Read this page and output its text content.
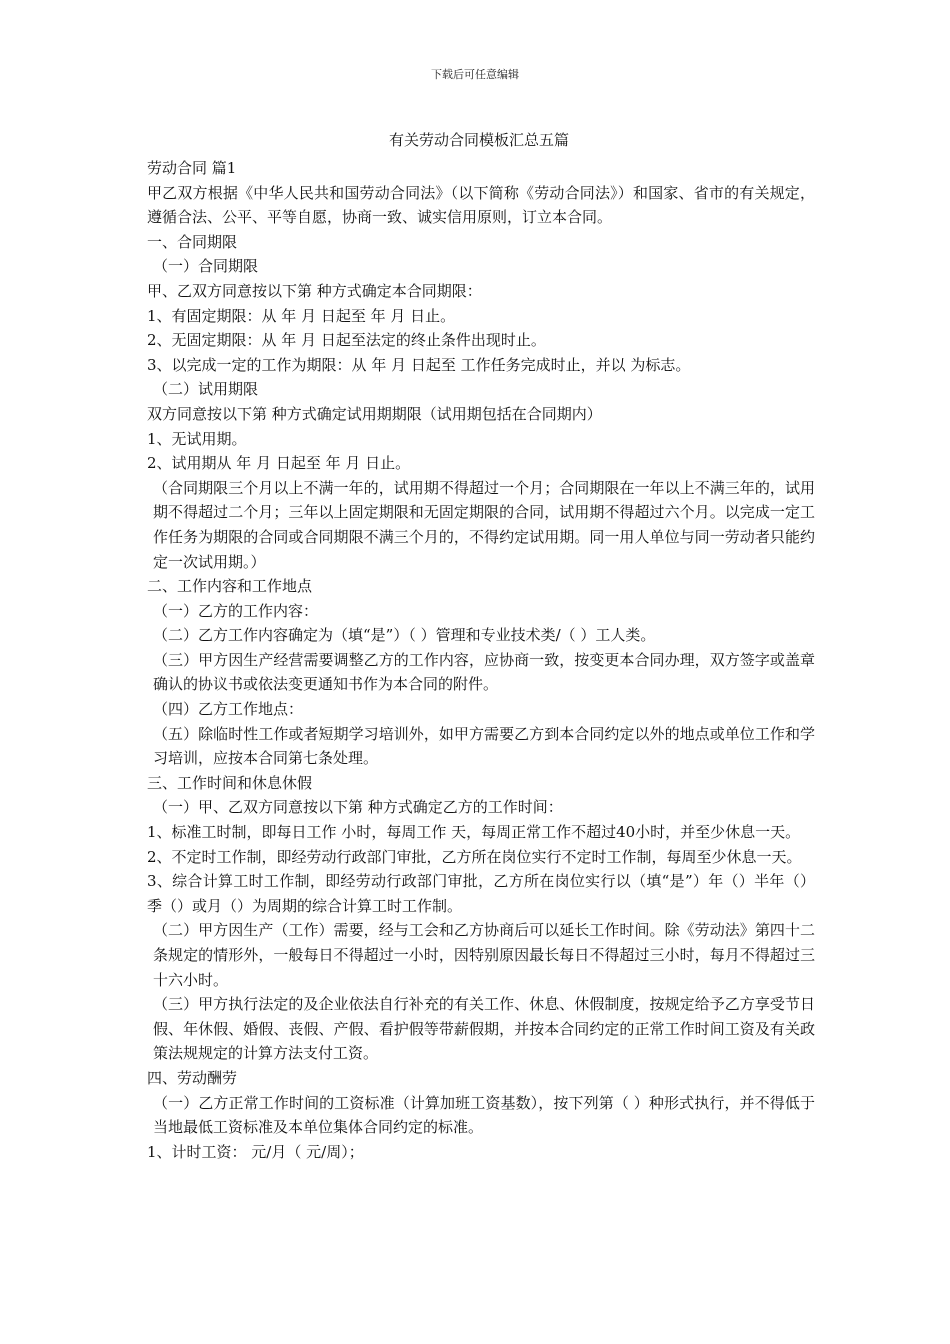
下载后可任意编辑
有关劳动合同模板汇总五篇

劳动合同 篇1

甲乙双方根据《中华人民共和国劳动合同法》（以下简称《劳动合同法》）和国家、省市的有关规定，遵循合法、公平、平等自愿，协商一致、诚实信用原则，订立本合同。

一、合同期限

（一）合同期限

甲、乙双方同意按以下第 种方式确定本合同期限：

1、有固定期限：从 年 月 日起至 年 月 日止。

2、无固定期限：从 年 月 日起至法定的终止条件出现时止。

3、以完成一定的工作为期限：从 年 月 日起至 工作任务完成时止，并以 为标志。

（二）试用期限

双方同意按以下第 种方式确定试用期期限（试用期包括在合同期内）

1、无试用期。

2、试用期从 年 月 日起至 年 月 日止。

（合同期限三个月以上不满一年的，试用期不得超过一个月；合同期限在一年以上不满三年的，试用期不得超过二个月；三年以上固定期限和无固定期限的合同，试用期不得超过六个月。以完成一定工作任务为期限的合同或合同期限不满三个月的，不得约定试用期。同一用人单位与同一劳动者只能约定一次试用期。）

二、工作内容和工作地点

（一）乙方的工作内容：

（二）乙方工作内容确定为（填“是”）（ ）管理和专业技术类/（ ）工人类。

（三）甲方因生产经营需要调整乙方的工作内容，应协商一致，按变更本合同办理，双方签字或盖章确认的协议书或依法变更通知书作为本合同的附件。

（四）乙方工作地点：

（五）除临时性工作或者短期学习培训外，如甲方需要乙方到本合同约定以外的地点或单位工作和学习培训，应按本合同第七条处理。

三、工作时间和休息休假

（一）甲、乙双方同意按以下第 种方式确定乙方的工作时间：

1、标准工时制，即每日工作 小时，每周工作 天，每周正常工作不超过40小时，并至少休息一天。

2、不定时工作制，即经劳动行政部门审批，乙方所在岗位实行不定时工作制，每周至少休息一天。

3、综合计算工时工作制，即经劳动行政部门审批，乙方所在岗位实行以（填“是”）年（）半年（）季（）或月（）为周期的综合计算工时工作制。

（二）甲方因生产（工作）需要，经与工会和乙方协商后可以延长工作时间。除《劳动法》第四十二条规定的情形外，一般每日不得超过一小时，因特别原因最长每日不得超过三小时，每月不得超过三十六小时。

（三）甲方执行法定的及企业依法自行补充的有关工作、休息、休假制度，按规定给予乙方享受节日假、年休假、婚假、丧假、产假、看护假等带薪假期，并按本合同约定的正常工作时间工资及有关政策法规规定的计算方法支付工资。

四、劳动酬劳

（一）乙方正常工作时间的工资标准（计算加班工资基数），按下列第（ ）种形式执行，并不得低于当地最低工资标准及本单位集体合同约定的标准。

1、计时工资： 元/月（ 元/周）；
